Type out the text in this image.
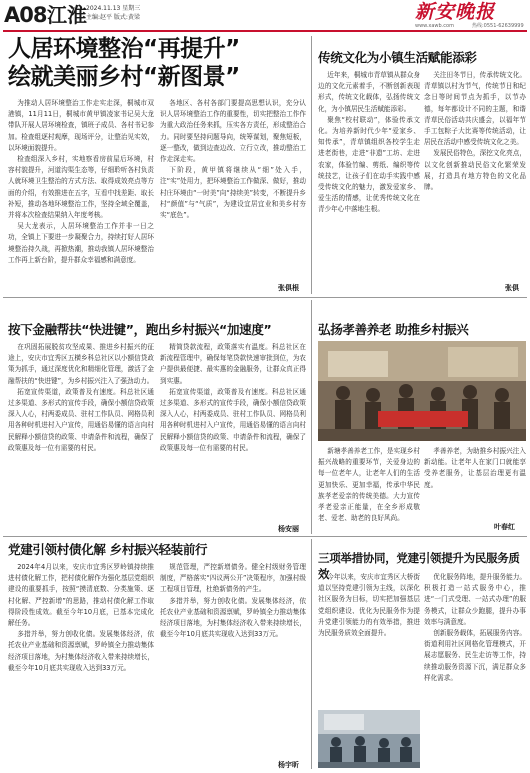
A08 江淮 2024.11.13 星期三
主编:赵平 版式:黄梁	新安晚报
www.xawb.com	热线:0551-62639999
人居环境整治“再提升”
绘就美丽乡村“新图景”

为推动人居环境整治工作走实走深，桐城市双港镇，11月11日，桐城市黄甲镇凌家书记吴大龙带队开展人居环境检查，镇班子成员、各村书记参加。检查组逐村观摩，现场评分，让整治见实效，以环境面貌提升。

检查组深入乡村，实地察看房前屋后环境，村容村貌提升，河道沟渠生态等，仔细聆听各村负责人就环境卫生整治的方式方法、取得成效亮点等方面的介绍，有效推进在五字，互看中找差距、取长补短，推动各地环境整治工作，坚持全域全覆盖，并将本次检查结果纳入年度考核。

吴大龙表示，人居环境整治工作并非一日之功，全镇上下要进一步凝聚合力，持续打好人居环境整治持久战，再掀热潮，推动我镇人居环境整治工作再上新台阶，提升群众幸福感和满意度。

各地区、各村各部门要提高思想认识，充分认识人居环境整治工作的重要性，切实把整治工作作为重大政治任务来抓，压实各方责任，形成整治合力。同时要坚持问题导向，统筹谋划，聚焦短板，逐一整改，做到边查边改、立行立改，推动整治工作走深走实。

下阶段，黄甲镇将继续从“细”处入手，注“实”处用力，把环境整治工作做深、做好，推动村庄环境由“一时美”向“持续美”转变，不断提升乡村“颜值”与“气质”，为建设宜居宜业和美乡村夯实“底色”。

张俱根
传统文化为小镇生活赋能添彩

近年来，桐城市青草镇从群众身边的文化元素着手，不断创新表现形式，传统文化载体，弘扬传统文化，为小镇居民生活赋能添彩。

聚焦“校村联动”，体验传承文化。为培养新时代少年“爱家乡、知传承”，青草镇组织各校学生走进老街巷，走进“非遗”工坊、走进农家，体验竹编、剪纸、编织等传统技艺，让孩子们在动手实践中感受传统文化的魅力，激发爱家乡、爱生活的情感，让优秀传统文化在青少年心中落地生根。

关注田冬节日，传承传统文化。青草镇以村为节气，传统节日和纪念日等时间节点为抓手，以节办德，每年都设计不同的主题，和谐青草民俗活动共庆盛会，以福年节手工包粽子大比赛等传统活动，让居民在活动中感受传统文化之美。

发展民俗特色，深挖文化亮点，以文化创新推动民俗文化繁荣发展，打造具有地方特色的文化品牌。

张俱
按下金融帮扶“快进键”，跑出乡村振兴“加速度”

在巩固拓展脱贫攻坚成果、推进乡村振兴的征途上，安庆市宜秀区五横乡科总社区以小额信贷政策为抓手，通过深度优化和精细化管理，激活了金融帮扶的“快进键”，为乡村振兴注入了强劲动力。

拓宽宣传渠道，政策普及有速度。科总社区通过多渠道、多形式的宣传手段，确保小额信贷政策深入人心，村两委成员、驻村工作队员、网格员利用各种时机进村入户宣传，用通俗易懂的语言向村民解释小额信贷的政策、申请条件和流程，确保了政策惠及每一位有需要的村民。

精简贷款流程，政策落实有温度。科总社区在新流程管理中，确保每笔贷款快速审批到位，为农户提供最便捷、最实惠的金融服务，让群众真正得到实惠。

拓宽宣传渠道，政策普及有速度。科总社区通过多渠道、多形式的宣传手段，确保小额信贷政策深入人心，村两委成员、驻村工作队员、网格员利用各种时机进村入户宣传，用通俗易懂的语言向村民解释小额信贷的政策、申请条件和流程，确保了政策惠及每一位有需要的村民。

杨安丽
弘扬孝善养老 助推乡村振兴

新塘孝善养老工作，是实现乡村振兴战略的重要环节，关爱身边的每一位老年人，让老年人们的生活更加快乐、更加幸福，传承中华民族孝老爱亲的传统美德。大力宣传孝老爱亲正能量，在全乡形成敬老、爱老、助老的良好风尚。

孝善养老，为助推乡村振兴注入新动能。让老年人在家门口就能享受养老服务，让基层治理更有温度。

叶春红
党建引领村债化解 乡村振兴轻装前行

2024年4月以来，安庆市宜秀区罗岭镇持续推进村债化解工作，把村债化解作为强化基层党组织建设的重要抓手，按照“摸清底数、分类施策、逐村化解、严控新增”的思路，推动村债化解工作取得阶段性成效。截至今年10月底，已基本完成化解任务。

多措并举，努力创收化债。发展集体经济，依托农业产业基础和资源禀赋，罗岭镇全力推动集体经济项目落地，为村集体经济收入带来持续增长，截至今年10月底共实现收入达到33万元。

规范管理，严控新增债务。健全村级财务管理制度，严格落实“四议两公开”决策程序，加强村级工程项目管理，杜绝新债务的产生。

多措并举，努力创收化债。发展集体经济，依托农业产业基础和资源禀赋，罗岭镇全力推动集体经济项目落地，为村集体经济收入带来持续增长，截至今年10月底共实现收入达到33万元。

杨宇昕
三项举措协同，党建引领提升为民服务质效

今年以来，安庆市宜秀区大桥街道以坚持党建引领为主线，以深化社区服务为目标，切实把加强基层党组织建设、优化为民服务作为提升党建引领能力的有效举措，推进为民服务质效全面提升。

优化服务阵地，提升服务能力。积极打造一站式服务中心，推进“一门式受理、一站式办理”的服务模式，让群众少跑腿，提升办事效率与满意度。

创新服务载体，拓展服务内容。街道利用社区网格化管理模式，开展志愿服务、民生走访等工作，持续推动服务资源下沉，满足群众多样化需求。
